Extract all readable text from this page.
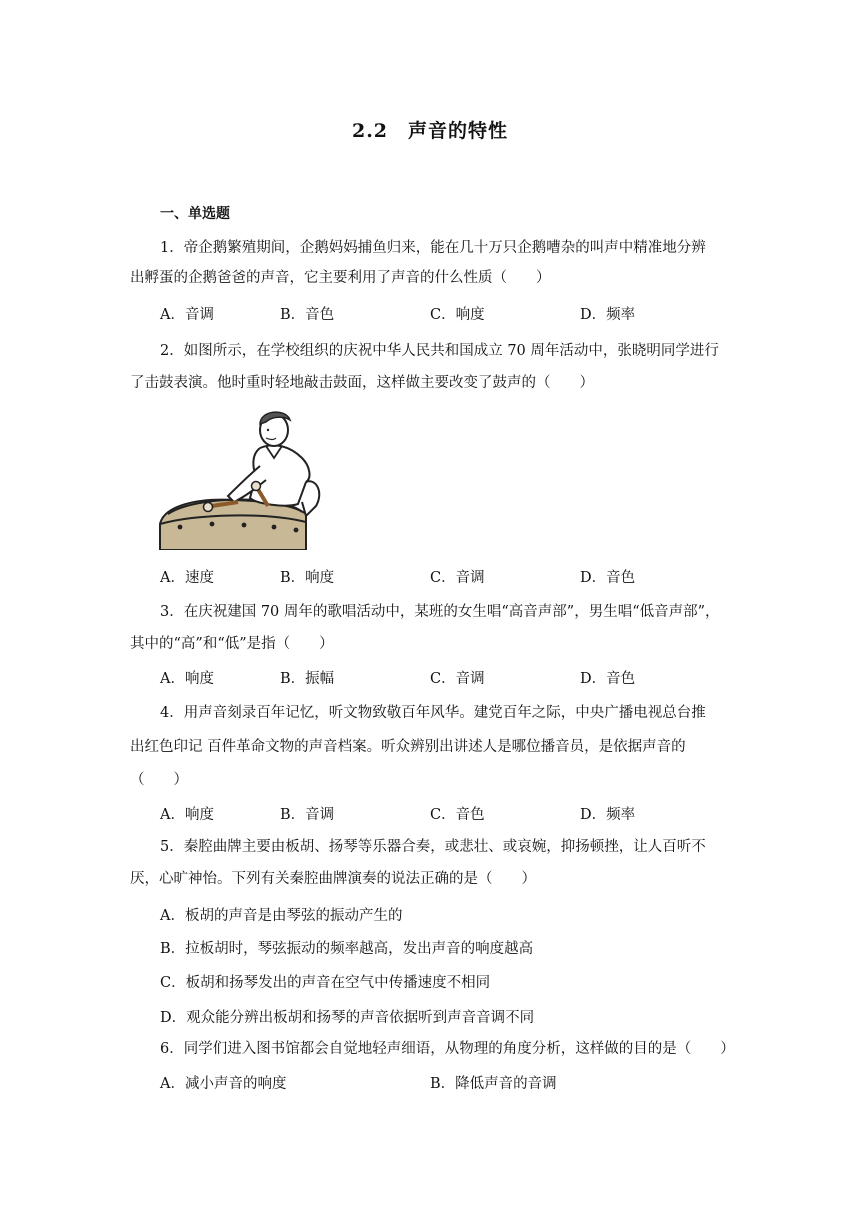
2.2　声音的特性
一、单选题
1．帝企鹅繁殖期间，企鹅妈妈捕鱼归来，能在几十万只企鹅嘈杂的叫声中精准地分辨
出孵蛋的企鹅爸爸的声音，它主要利用了声音的什么性质（　　）
A．音调	B．音色	C．响度	D．频率
2．如图所示，在学校组织的庆祝中华人民共和国成立 70 周年活动中，张晓明同学进行
了击鼓表演。他时重时轻地敲击鼓面，这样做主要改变了鼓声的（　　）
A．速度	B．响度	C．音调	D．音色
3．在庆祝建国 70 周年的歌唱活动中，某班的女生唱“高音声部”，男生唱“低音声部”，
其中的“高”和“低”是指（　　）
A．响度	B．振幅	C．音调	D．音色
4．用声音刻录百年记忆，听文物致敬百年风华。建党百年之际，中央广播电视总台推
出红色印记 百件革命文物的声音档案。听众辨别出讲述人是哪位播音员，是依据声音的
（　　）
A．响度	B．音调	C．音色	D．频率
5．秦腔曲牌主要由板胡、扬琴等乐器合奏，或悲壮、或哀婉，抑扬顿挫，让人百听不
厌，心旷神怡。下列有关秦腔曲牌演奏的说法正确的是（　　）
A．板胡的声音是由琴弦的振动产生的
B．拉板胡时，琴弦振动的频率越高，发出声音的响度越高
C．板胡和扬琴发出的声音在空气中传播速度不相同
D．观众能分辨出板胡和扬琴的声音依据听到声音音调不同
6．同学们进入图书馆都会自觉地轻声细语，从物理的角度分析，这样做的目的是（　　）
A．减小声音的响度	B．降低声音的音调
